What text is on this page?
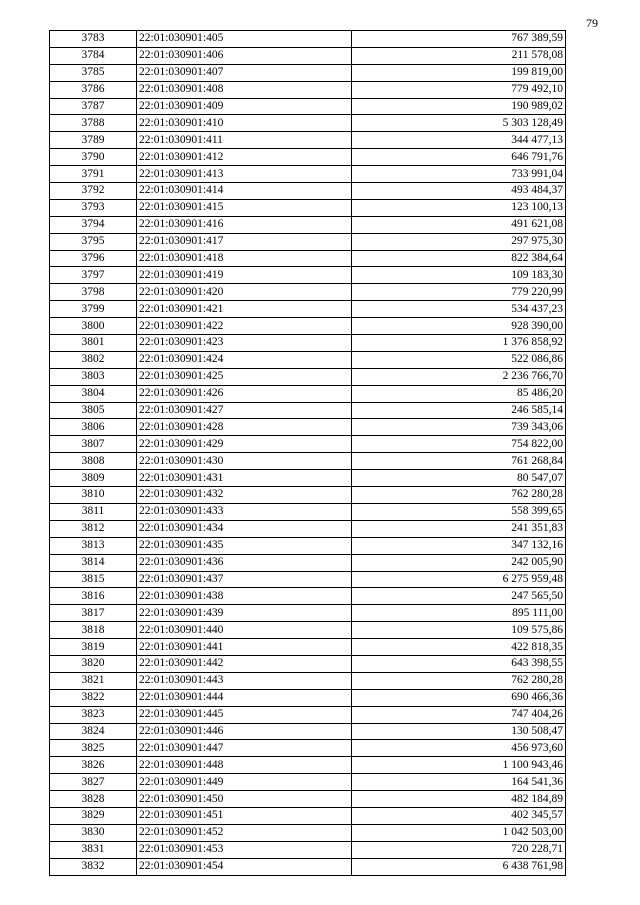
79
3783	22:01:030901:405	767 389,59
3784	22:01:030901:406	211 578,08
3785	22:01:030901:407	199 819,00
3786	22:01:030901:408	779 492,10
3787	22:01:030901:409	190 989,02
3788	22:01:030901:410	5 303 128,49
3789	22:01:030901:411	344 477,13
3790	22:01:030901:412	646 791,76
3791	22:01:030901:413	733 991,04
3792	22:01:030901:414	493 484,37
3793	22:01:030901:415	123 100,13
3794	22:01:030901:416	491 621,08
3795	22:01:030901:417	297 975,30
3796	22:01:030901:418	822 384,64
3797	22:01:030901:419	109 183,30
3798	22:01:030901:420	779 220,99
3799	22:01:030901:421	534 437,23
3800	22:01:030901:422	928 390,00
3801	22:01:030901:423	1 376 858,92
3802	22:01:030901:424	522 086,86
3803	22:01:030901:425	2 236 766,70
3804	22:01:030901:426	85 486,20
3805	22:01:030901:427	246 585,14
3806	22:01:030901:428	739 343,06
3807	22:01:030901:429	754 822,00
3808	22:01:030901:430	761 268,84
3809	22:01:030901:431	80 547,07
3810	22:01:030901:432	762 280,28
3811	22:01:030901:433	558 399,65
3812	22:01:030901:434	241 351,83
3813	22:01:030901:435	347 132,16
3814	22:01:030901:436	242 005,90
3815	22:01:030901:437	6 275 959,48
3816	22:01:030901:438	247 565,50
3817	22:01:030901:439	895 111,00
3818	22:01:030901:440	109 575,86
3819	22:01:030901:441	422 818,35
3820	22:01:030901:442	643 398,55
3821	22:01:030901:443	762 280,28
3822	22:01:030901:444	690 466,36
3823	22:01:030901:445	747 404,26
3824	22:01:030901:446	130 508,47
3825	22:01:030901:447	456 973,60
3826	22:01:030901:448	1 100 943,46
3827	22:01:030901:449	164 541,36
3828	22:01:030901:450	482 184,89
3829	22:01:030901:451	402 345,57
3830	22:01:030901:452	1 042 503,00
3831	22:01:030901:453	720 228,71
3832	22:01:030901:454	6 438 761,98
